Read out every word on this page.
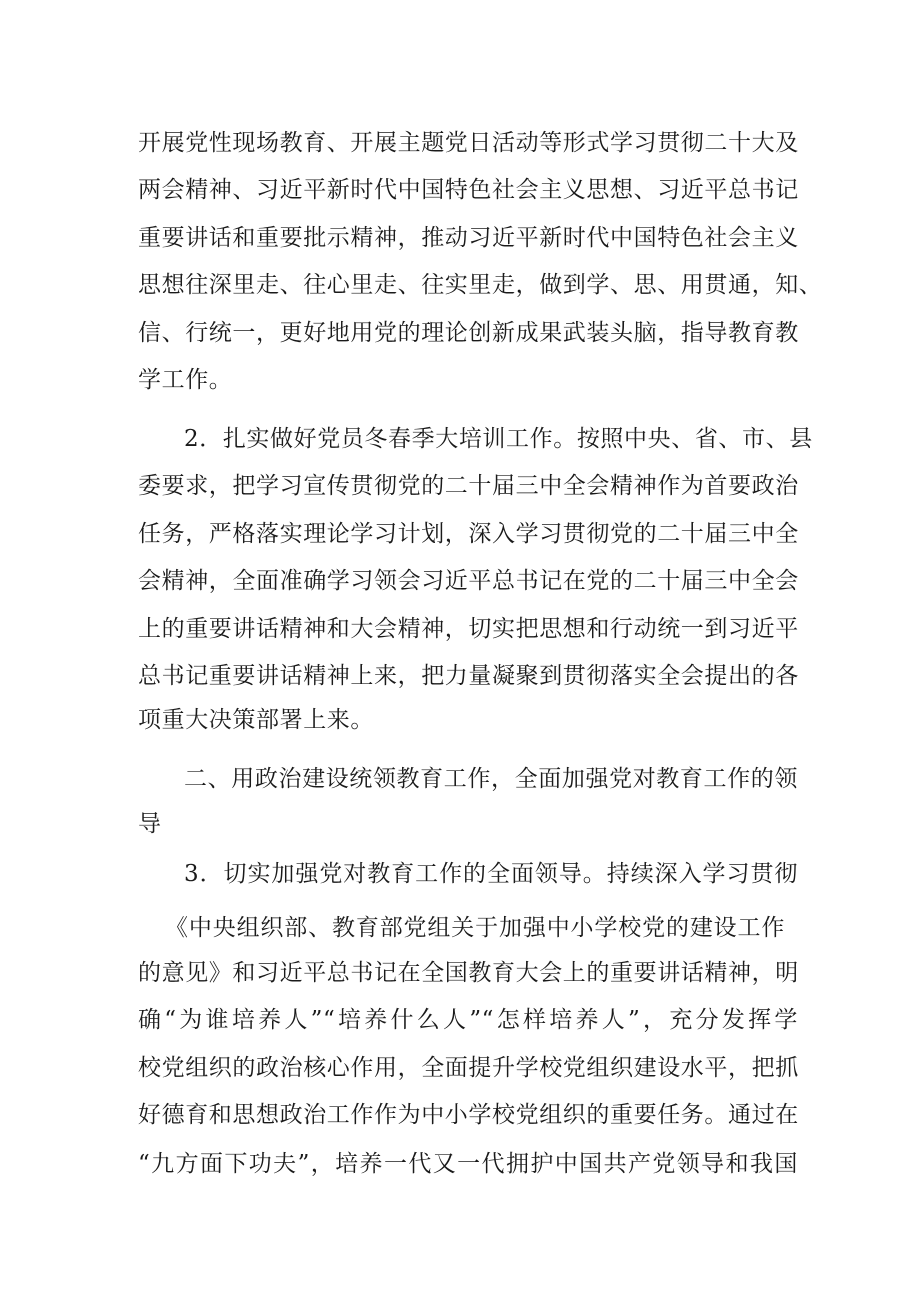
开展党性现场教育、开展主题党日活动等形式学习贯彻二十大及
两会精神、习近平新时代中国特色社会主义思想、习近平总书记
重要讲话和重要批示精神，推动习近平新时代中国特色社会主义
思想往深里走、往心里走、往实里走，做到学、思、用贯通，知、
信、行统一，更好地用党的理论创新成果武装头脑，指导教育教
学工作。
2．扎实做好党员冬春季大培训工作。按照中央、省、市、县
委要求，把学习宣传贯彻党的二十届三中全会精神作为首要政治
任务，严格落实理论学习计划，深入学习贯彻党的二十届三中全
会精神，全面准确学习领会习近平总书记在党的二十届三中全会
上的重要讲话精神和大会精神，切实把思想和行动统一到习近平
总书记重要讲话精神上来，把力量凝聚到贯彻落实全会提出的各
项重大决策部署上来。
二、用政治建设统领教育工作，全面加强党对教育工作的领
导
3．切实加强党对教育工作的全面领导。持续深入学习贯彻
《中央组织部、教育部党组关于加强中小学校党的建设工作
的意见》和习近平总书记在全国教育大会上的重要讲话精神，明
确“为谁培养人”“培养什么人”“怎样培养人”，充分发挥学
校党组织的政治核心作用，全面提升学校党组织建设水平，把抓
好德育和思想政治工作作为中小学校党组织的重要任务。通过在
“九方面下功夫”，培养一代又一代拥护中国共产党领导和我国
